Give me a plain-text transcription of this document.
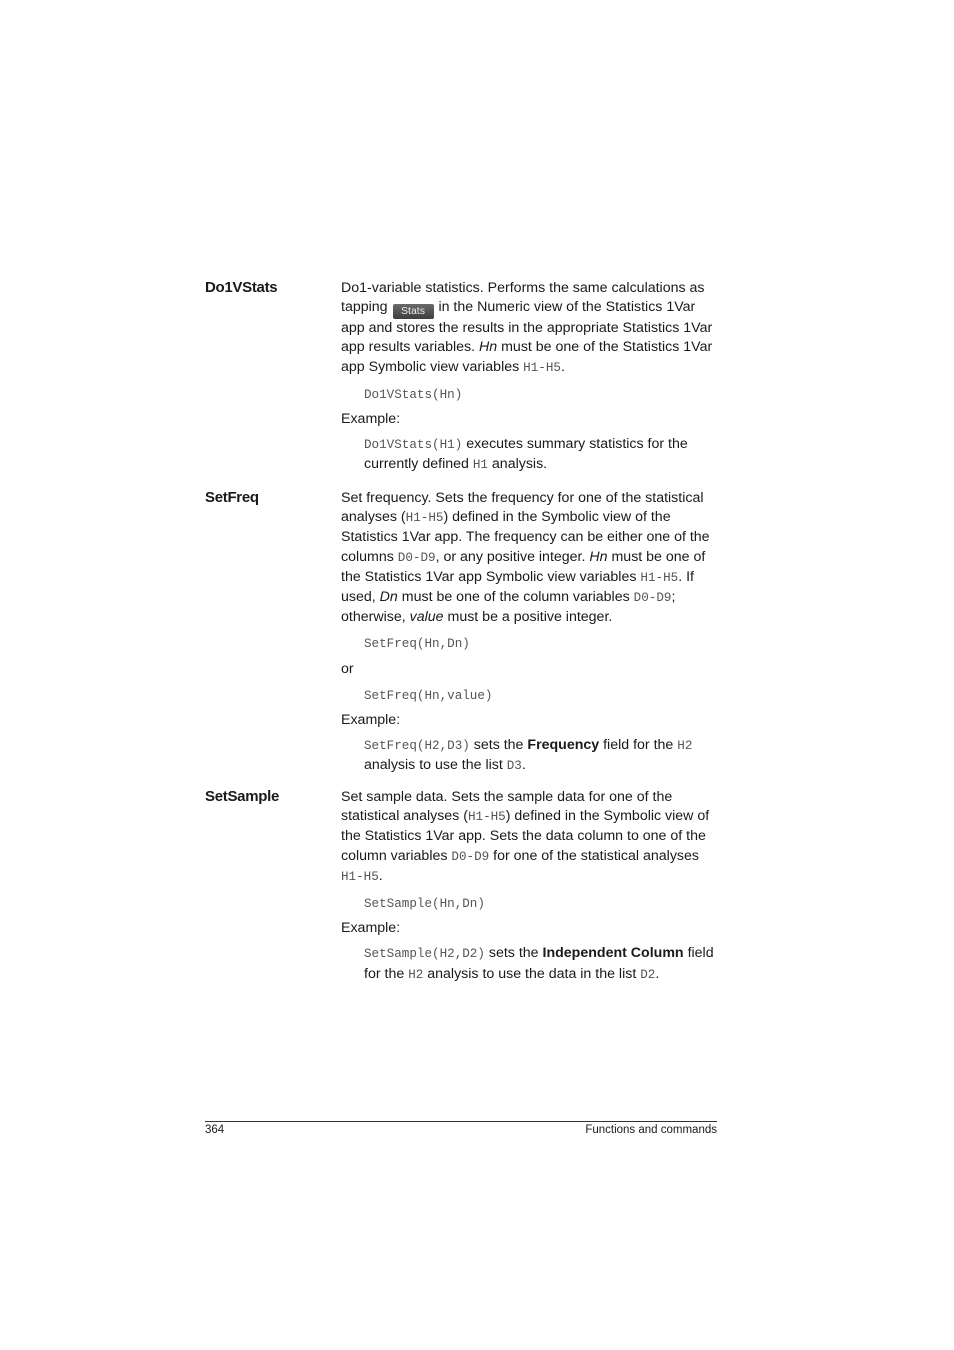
Do1VStats	Do1-variable statistics. Performs the same calculations as tapping Stats in the Numeric view of the Statistics 1Var app and stores the results in the appropriate Statistics 1Var app results variables. Hn must be one of the Statistics 1Var app Symbolic view variables H1-H5.

Do1VStats(Hn)

Example:

Do1VStats(H1) executes summary statistics for the currently defined H1 analysis.

SetFreq	Set frequency. Sets the frequency for one of the statistical analyses (H1-H5) defined in the Symbolic view of the Statistics 1Var app. The frequency can be either one of the columns D0-D9, or any positive integer. Hn must be one of the Statistics 1Var app Symbolic view variables H1-H5. If used, Dn must be one of the column variables D0-D9; otherwise, value must be a positive integer.

SetFreq(Hn,Dn)

or

SetFreq(Hn,value)

Example:

SetFreq(H2,D3) sets the Frequency field for the H2 analysis to use the list D3.

SetSample	Set sample data. Sets the sample data for one of the statistical analyses (H1-H5) defined in the Symbolic view of the Statistics 1Var app. Sets the data column to one of the column variables D0-D9 for one of the statistical analyses H1-H5.

SetSample(Hn,Dn)

Example:

SetSample(H2,D2) sets the Independent Column field for the H2 analysis to use the data in the list D2.

364	Functions and commands
